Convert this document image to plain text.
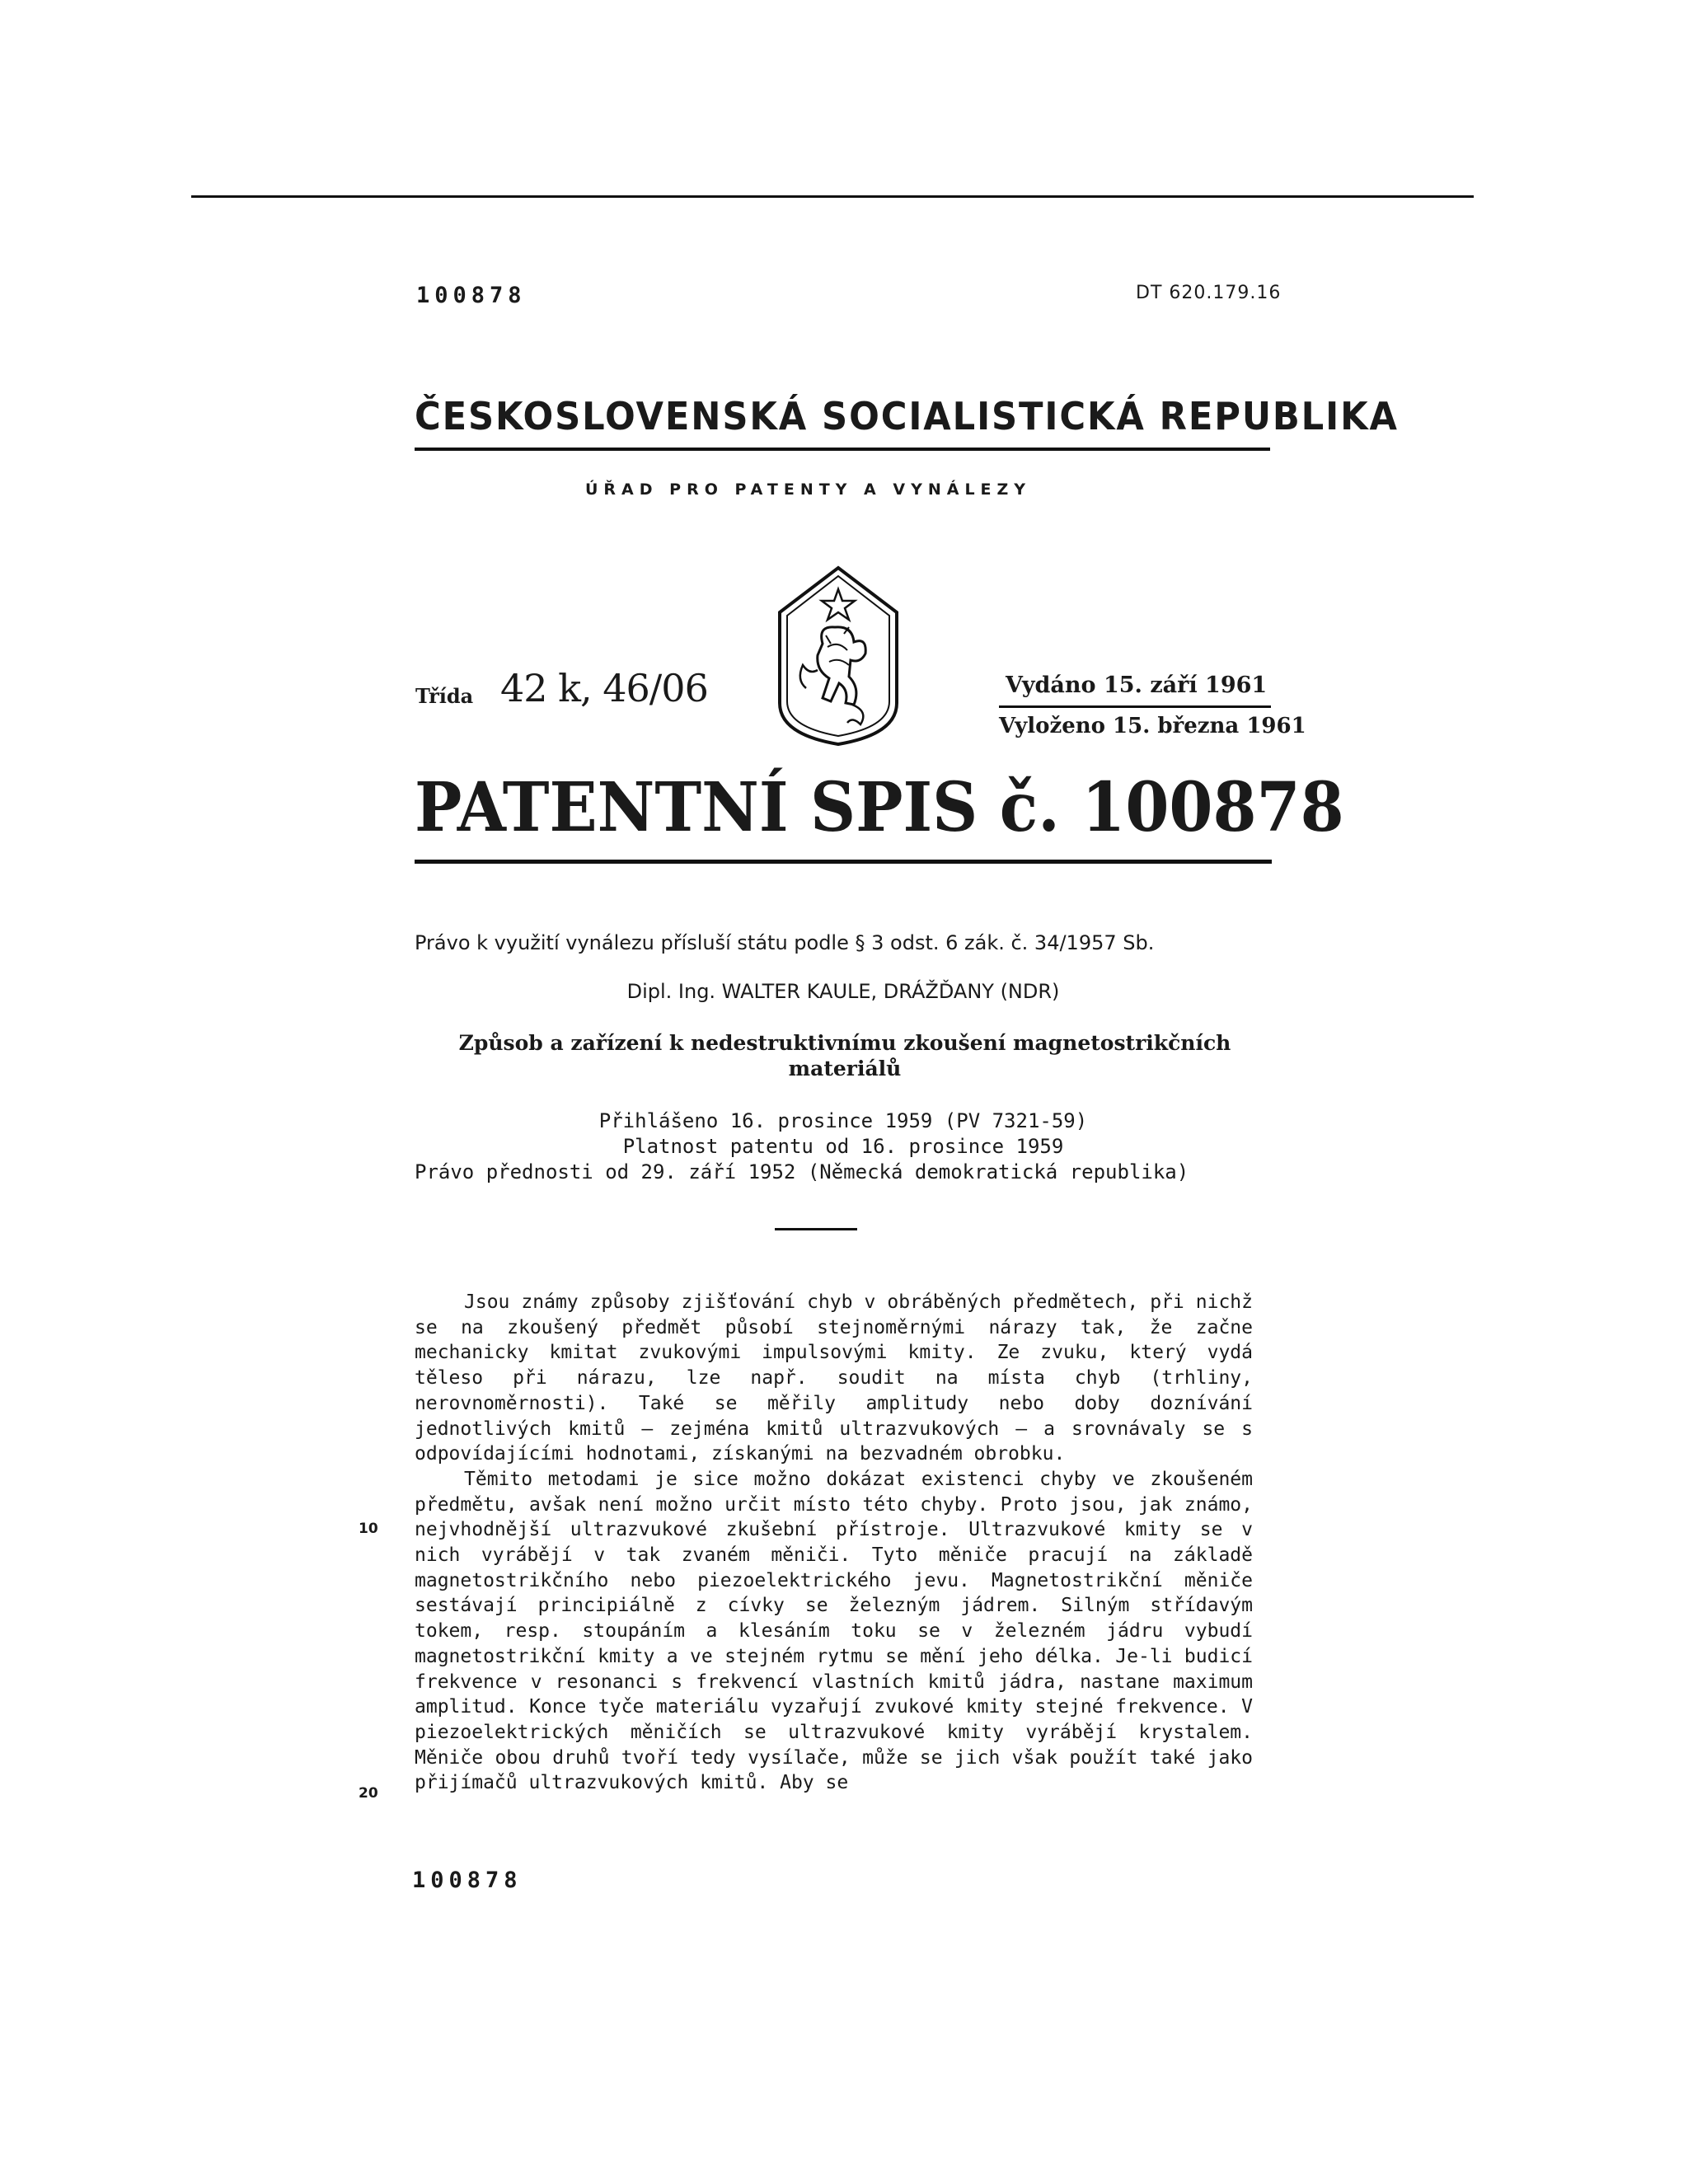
100878	DT 620.179.16
ČESKOSLOVENSKÁ SOCIALISTICKÁ REPUBLIKA
ÚŘAD PRO PATENTY A VYNÁLEZY
Třída 42 k, 46/06	Vydáno 15. září 1961
Vyloženo 15. března 1961
PATENTNÍ SPIS č. 100878
Právo k využití vynálezu přísluší státu podle § 3 odst. 6 zák. č. 34/1957 Sb.
Dipl. Ing. WALTER KAULE, DRÁŽĎANY (NDR)
Způsob a zařízení k nedestruktivnímu zkoušení magnetostrikčních materiálů
Přihlášeno 16. prosince 1959 (PV 7321-59)
Platnost patentu od 16. prosince 1959
Právo přednosti od 29. září 1952 (Německá demokratická republika)

Jsou známy způsoby zjišťování chyb v obráběných předmětech, při nichž se na zkoušený předmět působí stejnoměrnými nárazy tak, že začne mechanicky kmitat zvukovými impulsovými kmity. Ze zvuku, který vydá těleso při nárazu, lze např. soudit na místa chyb (trhliny, nerovnoměrnosti). Také se měřily amplitudy nebo doby doznívání jednotlivých kmitů — zejména kmitů ultrazvukových — a srovnávaly se s odpovídajícími hodnotami, získanými na bezvadném obrobku.

Těmito metodami je sice možno dokázat existenci chyby ve zkoušeném předmětu, avšak není možno určit místo této chyby. Proto jsou, jak známo, nejvhodnější ultrazvukové zkušební přístroje. Ultrazvukové kmity se v nich vyrábějí v tak zvaném měniči. Tyto měniče pracují na základě magnetostrikčního nebo piezoelektrického jevu. Magnetostrikční měniče sestávají principiálně z cívky se železným jádrem. Silným střídavým tokem, resp. stoupáním a klesáním toku se v železném jádru vybudí magnetostrikční kmity a ve stejném rytmu se mění jeho délka. Je-li budicí frekvence v resonanci s frekvencí vlastních kmitů jádra, nastane maximum amplitud. Konce tyče materiálu vyzařují zvukové kmity stejné frekvence. V piezoelektrických měničích se ultrazvukové kmity vyrábějí krystalem. Měniče obou druhů tvoří tedy vysílače, může se jich však použít také jako přijímačů ultrazvukových kmitů. Aby se

10
20
100878
